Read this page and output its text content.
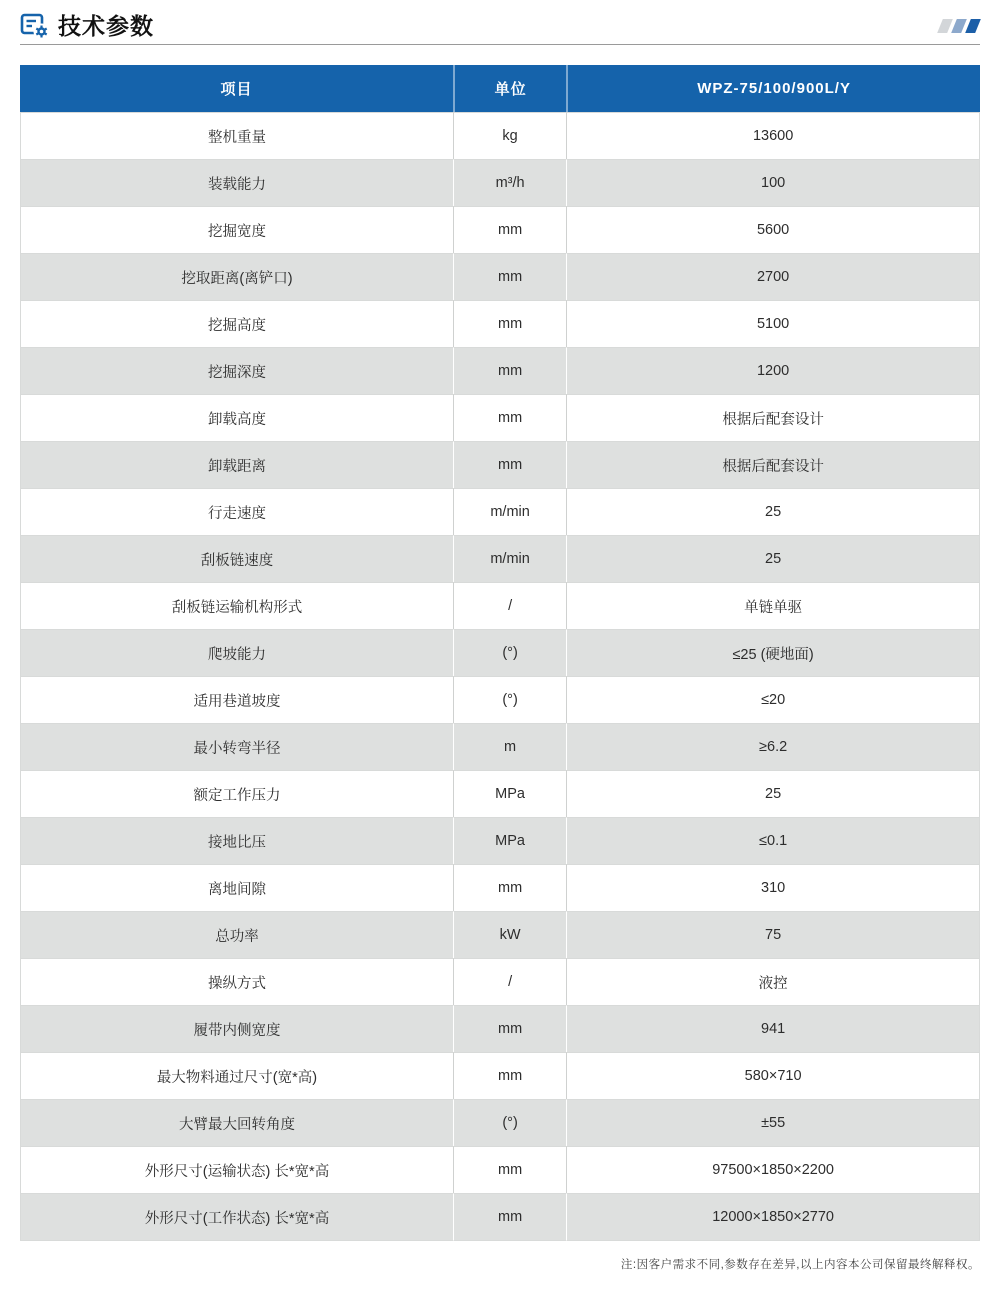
技术参数
项目	单位	WPZ-75/100/900L/Y
整机重量	kg	13600
装载能力	m³/h	100
挖掘宽度	mm	5600
挖取距离(离铲口)	mm	2700
挖掘高度	mm	5100
挖掘深度	mm	1200
卸载高度	mm	根据后配套设计
卸载距离	mm	根据后配套设计
行走速度	m/min	25
刮板链速度	m/min	25
刮板链运输机构形式	/	单链单驱
爬坡能力	(°)	≤25 (硬地面)
适用巷道坡度	(°)	≤20
最小转弯半径	m	≥6.2
额定工作压力	MPa	25
接地比压	MPa	≤0.1
离地间隙	mm	310
总功率	kW	75
操纵方式	/	液控
履带内侧宽度	mm	941
最大物料通过尺寸(宽*高)	mm	580×710
大臂最大回转角度	(°)	±55
外形尺寸(运输状态) 长*宽*高	mm	97500×1850×2200
外形尺寸(工作状态) 长*宽*高	mm	12000×1850×2770
注:因客户需求不同,参数存在差异,以上内容本公司保留最终解释权。
